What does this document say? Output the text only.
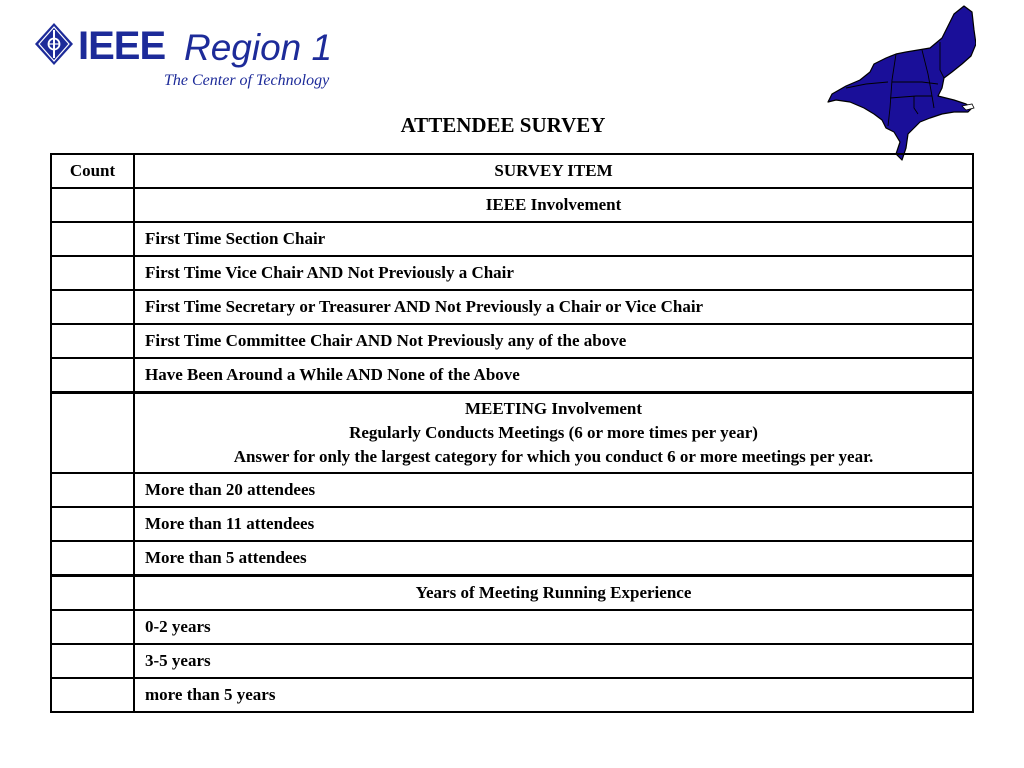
IEEE Region 1
The Center of Technology
ATTENDEE SURVEY
Count	SURVEY ITEM

	IEEE Involvement

	First Time Section Chair
	First Time Vice Chair AND Not Previously a Chair
	First Time Secretary or Treasurer AND Not Previously a Chair or Vice Chair
	First Time Committee Chair AND Not Previously any of the above
	Have Been Around a While AND None of the Above

	MEETING Involvement
Regularly Conducts Meetings (6 or more times per year)
Answer for only the largest category for which you conduct 6 or more meetings per year.

	More than 20 attendees
	More than 11 attendees
	More than 5 attendees

	Years of Meeting Running Experience

	0-2 years
	3-5 years
	more than 5 years
